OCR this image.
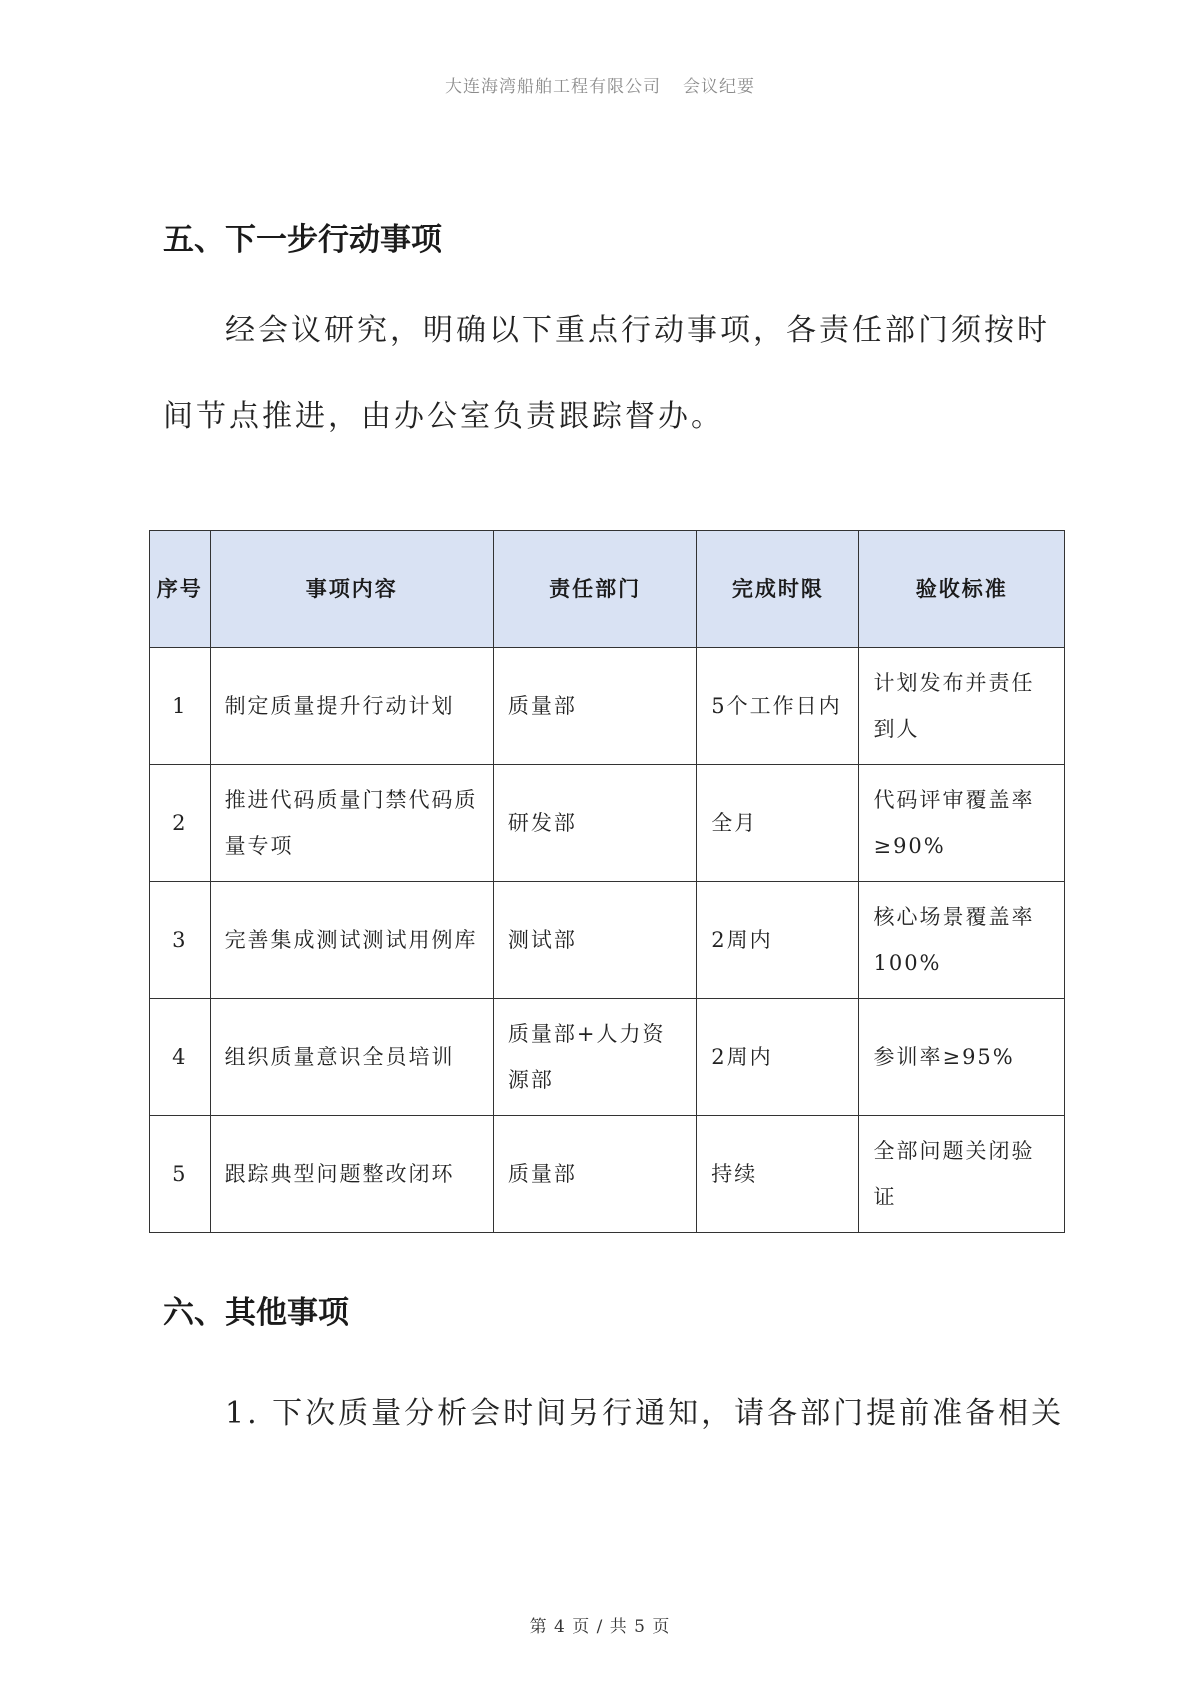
大连海湾船舶工程有限公司 会议纪要
五、下一步行动事项

经会议研究，明确以下重点行动事项，各责任部门须按时间节点推进，由办公室负责跟踪督办。

序号	事项内容	责任部门	完成时限	验收标准
1	制定质量提升行动计划	质量部	5个工作日内	计划发布并责任到人
2	推进代码质量门禁代码质量专项	研发部	全月	代码评审覆盖率≥90%
3	完善集成测试测试用例库	测试部	2周内	核心场景覆盖率100%
4	组织质量意识全员培训	质量部+人力资源部	2周内	参训率≥95%
5	跟踪典型问题整改闭环	质量部	持续	全部问题关闭验证
六、其他事项

1. 下次质量分析会时间另行通知，请各部门提前准备相关

第 4 页 / 共 5 页
